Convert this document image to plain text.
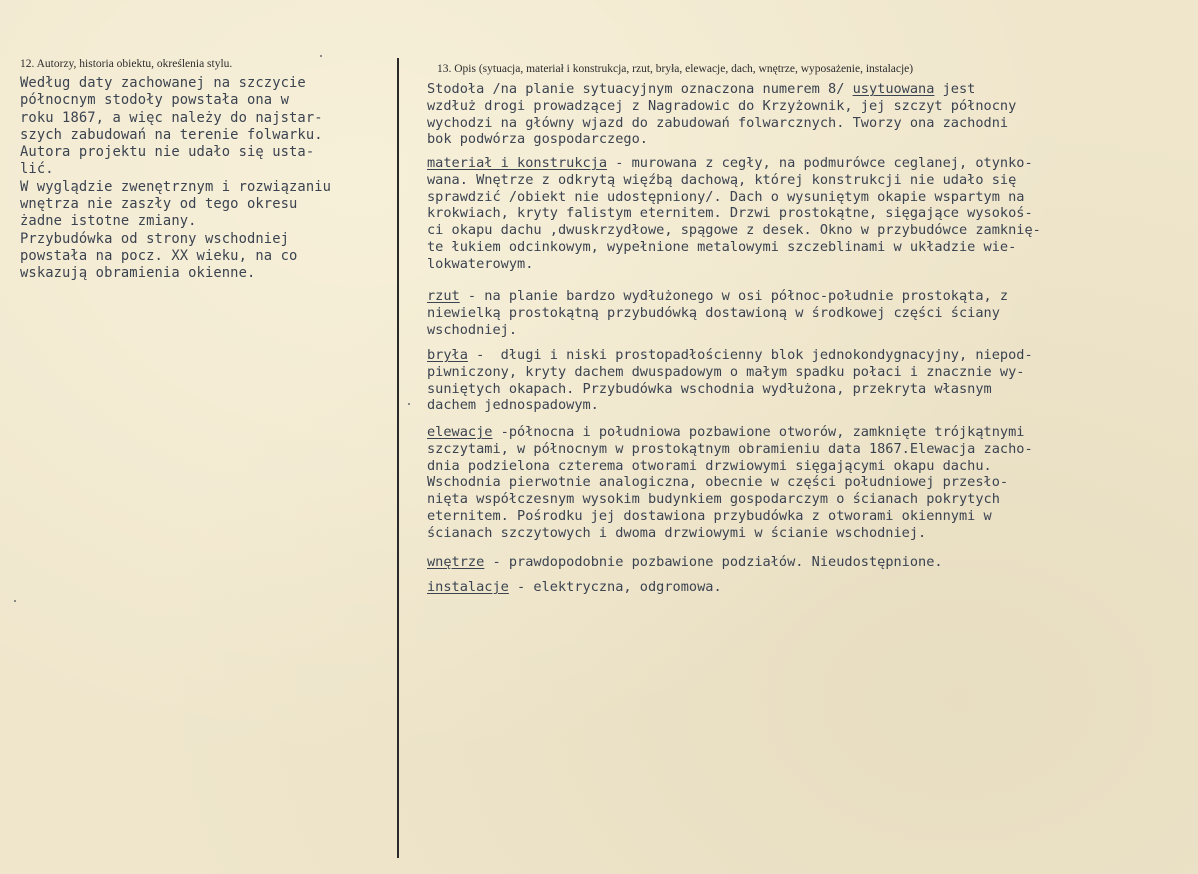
12. Autorzy, historia obiektu, określenia stylu.
Według daty zachowanej na szczycie
północnym stodoły powstała ona w
roku 1867, a więc należy do najstar-
szych zabudowań na terenie folwarku.
Autora projektu nie udało się usta-
lić.
W wyglądzie zwenętrznym i rozwiązaniu
wnętrza nie zaszły od tego okresu
żadne istotne zmiany.
Przybudówka od strony wschodniej
powstała na pocz. XX wieku, na co
wskazują obramienia okienne.
13. Opis (sytuacja, materiał i konstrukcja, rzut, bryła, elewacje, dach, wnętrze, wyposażenie, instalacje)
Stodoła /na planie sytuacyjnym oznaczona numerem 8/ usytuowana jest
wzdłuż drogi prowadzącej z Nagradowic do Krzyżownik, jej szczyt północny
wychodzi na główny wjazd do zabudowań folwarcznych. Tworzy ona zachodni
bok podwórza gospodarczego.
materiał i konstrukcja - murowana z cegły, na podmurówce ceglanej, otynko-
wana. Wnętrze z odkrytą więźbą dachową, której konstrukcji nie udało się
sprawdzić /obiekt nie udostępniony/. Dach o wysuniętym okapie wspartym na
krokwiach, kryty falistym eternitem. Drzwi prostokątne, sięgające wysokoś-
ci okapu dachu ,dwuskrzydłowe, spągowe z desek. Okno w przybudówce zamknię-
te łukiem odcinkowym, wypełnione metalowymi szczeblinami w układzie wie-
lokwaterowym.
rzut - na planie bardzo wydłużonego w osi północ-południe prostokąta, z
niewielką prostokątną przybudówką dostawioną w środkowej części ściany
wschodniej.
bryła -  długi i niski prostopadłościenny blok jednokondygnacyjny, niepod-
piwniczony, kryty dachem dwuspadowym o małym spadku połaci i znacznie wy-
suniętych okapach. Przybudówka wschodnia wydłużona, przekryta własnym
dachem jednospadowym.
elewacje -północna i południowa pozbawione otworów, zamknięte trójkątnymi
szczytami, w północnym w prostokątnym obramieniu data 1867.Elewacja zacho-
dnia podzielona czterema otworami drzwiowymi sięgającymi okapu dachu.
Wschodnia pierwotnie analogiczna, obecnie w części południowej przesło-
nięta współczesnym wysokim budynkiem gospodarczym o ścianach pokrytych
eternitem. Pośrodku jej dostawiona przybudówka z otworami okiennymi w
ścianach szczytowych i dwoma drzwiowymi w ścianie wschodniej.
wnętrze - prawdopodobnie pozbawione podziałów. Nieudostępnione.
instalacje - elektryczna, odgromowa.
